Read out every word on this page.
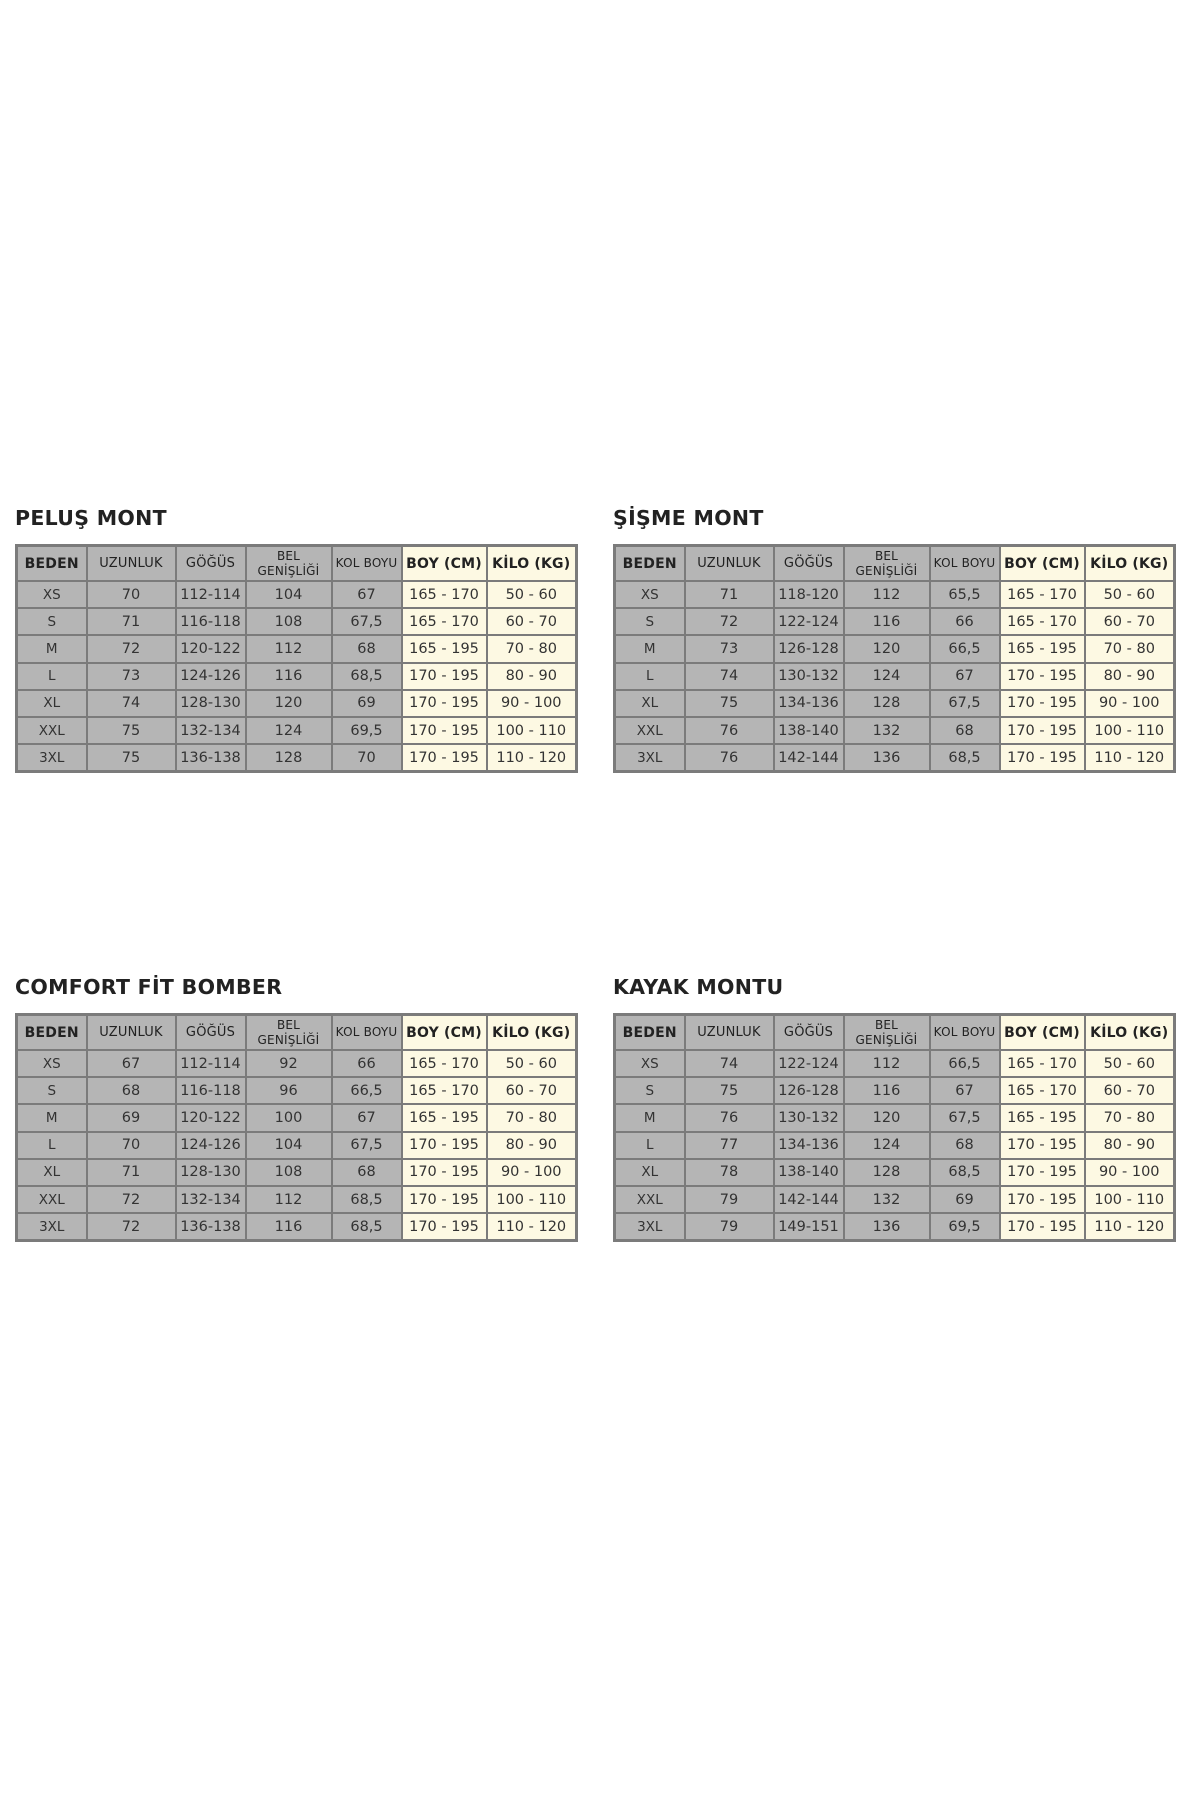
PELUŞ MONT
BEDEN	UZUNLUK	GÖĞÜS	BEL GENİŞLİĞİ	KOL BOYU	BOY (CM)	KİLO (KG)
XS	70	112-114	104	67	165 - 170	50 - 60
S	71	116-118	108	67,5	165 - 170	60 - 70
M	72	120-122	112	68	165 - 195	70 - 80
L	73	124-126	116	68,5	170 - 195	80 - 90
XL	74	128-130	120	69	170 - 195	90 - 100
XXL	75	132-134	124	69,5	170 - 195	100 - 110
3XL	75	136-138	128	70	170 - 195	110 - 120
ŞİŞME MONT
BEDEN	UZUNLUK	GÖĞÜS	BEL GENİŞLİĞİ	KOL BOYU	BOY (CM)	KİLO (KG)
XS	71	118-120	112	65,5	165 - 170	50 - 60
S	72	122-124	116	66	165 - 170	60 - 70
M	73	126-128	120	66,5	165 - 195	70 - 80
L	74	130-132	124	67	170 - 195	80 - 90
XL	75	134-136	128	67,5	170 - 195	90 - 100
XXL	76	138-140	132	68	170 - 195	100 - 110
3XL	76	142-144	136	68,5	170 - 195	110 - 120
COMFORT FİT BOMBER
BEDEN	UZUNLUK	GÖĞÜS	BEL GENİŞLİĞİ	KOL BOYU	BOY (CM)	KİLO (KG)
XS	67	112-114	92	66	165 - 170	50 - 60
S	68	116-118	96	66,5	165 - 170	60 - 70
M	69	120-122	100	67	165 - 195	70 - 80
L	70	124-126	104	67,5	170 - 195	80 - 90
XL	71	128-130	108	68	170 - 195	90 - 100
XXL	72	132-134	112	68,5	170 - 195	100 - 110
3XL	72	136-138	116	68,5	170 - 195	110 - 120
KAYAK MONTU
BEDEN	UZUNLUK	GÖĞÜS	BEL GENİŞLİĞİ	KOL BOYU	BOY (CM)	KİLO (KG)
XS	74	122-124	112	66,5	165 - 170	50 - 60
S	75	126-128	116	67	165 - 170	60 - 70
M	76	130-132	120	67,5	165 - 195	70 - 80
L	77	134-136	124	68	170 - 195	80 - 90
XL	78	138-140	128	68,5	170 - 195	90 - 100
XXL	79	142-144	132	69	170 - 195	100 - 110
3XL	79	149-151	136	69,5	170 - 195	110 - 120
